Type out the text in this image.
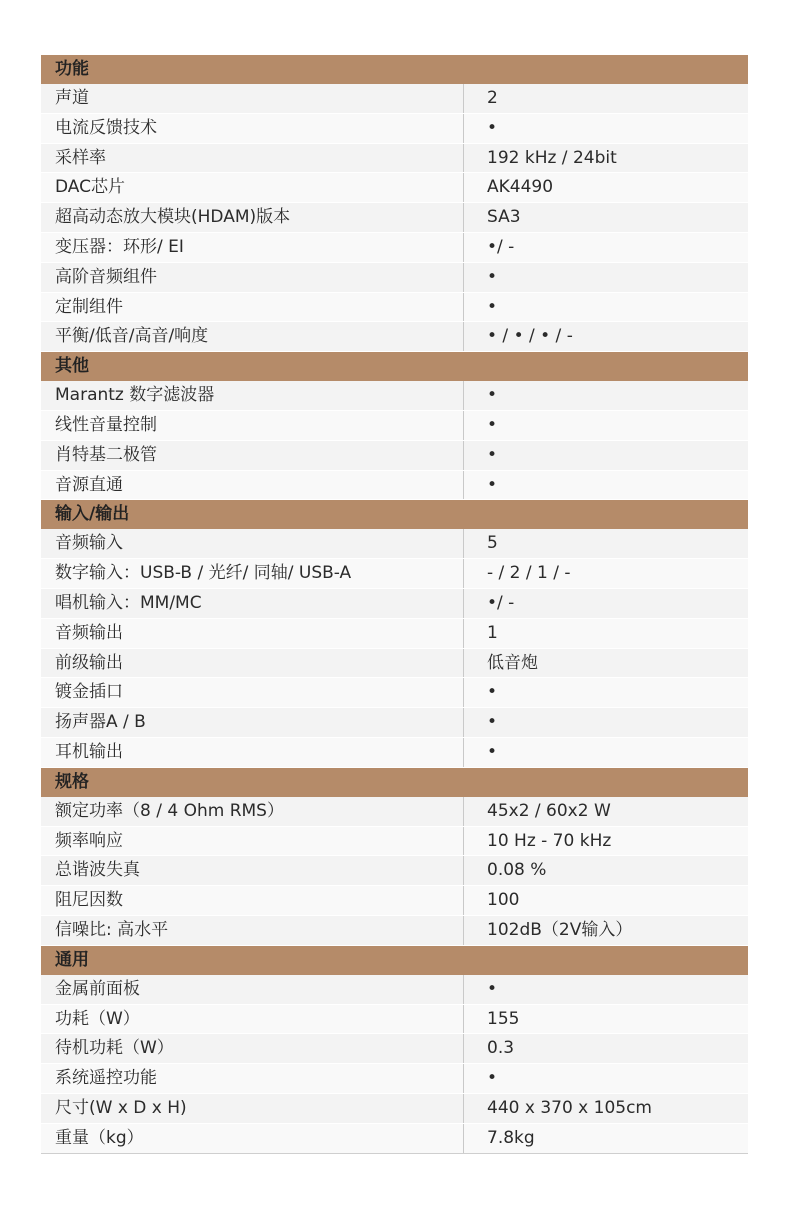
功能
声道	2
电流反馈技术	•
采样率	192 kHz / 24bit
DAC芯片	AK4490
超高动态放大模块(HDAM)版本	SA3
变压器：环形/ EI	•/ -
高阶音频组件	•
定制组件	•
平衡/低音/高音/响度	• / • / • / -
其他
Marantz 数字滤波器	•
线性音量控制	•
肖特基二极管	•
音源直通	•
输入/输出
音频输入	5
数字输入：USB-B / 光纤/ 同轴/ USB-A	- / 2 / 1 / -
唱机输入：MM/MC	•/ -
音频输出	1
前级输出	低音炮
镀金插口	•
扬声器A / B	•
耳机输出	•
规格
额定功率（8 / 4 Ohm RMS）	45x2 / 60x2 W
频率响应	10 Hz - 70 kHz
总谐波失真	0.08 %
阻尼因数	100
信噪比: 高水平	102dB（2V输入）
通用
金属前面板	•
功耗（W）	155
待机功耗（W）	0.3
系统遥控功能	•
尺寸(W x D x H)	440 x 370 x 105cm
重量（kg）	7.8kg
